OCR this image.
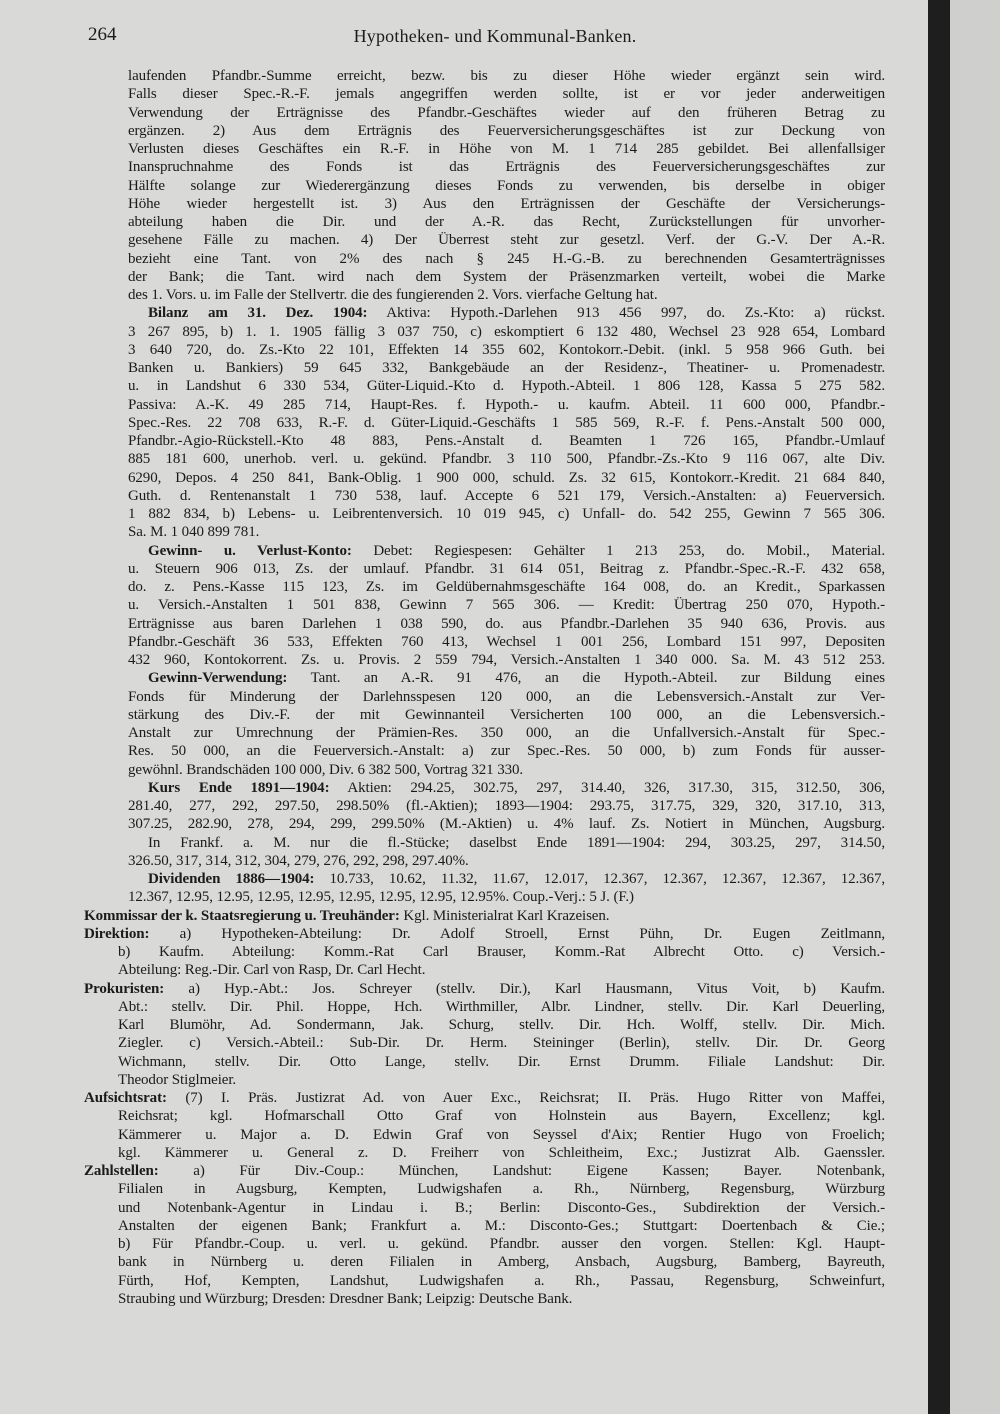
264	Hypotheken- und Kommunal-Banken.
laufenden Pfandbr.-Summe erreicht, bezw. bis zu dieser Höhe wieder ergänzt sein wird.
Falls dieser Spec.-R.-F. jemals angegriffen werden sollte, ist er vor jeder anderweitigen
Verwendung der Erträgnisse des Pfandbr.-Geschäftes wieder auf den früheren Betrag zu
ergänzen. 2) Aus dem Erträgnis des Feuerversicherungsgeschäftes ist zur Deckung von
Verlusten dieses Geschäftes ein R.-F. in Höhe von M. 1 714 285 gebildet. Bei allenfallsiger
Inanspruchnahme des Fonds ist das Erträgnis des Feuerversicherungsgeschäftes zur
Hälfte solange zur Wiederergänzung dieses Fonds zu verwenden, bis derselbe in obiger
Höhe wieder hergestellt ist. 3) Aus den Erträgnissen der Geschäfte der Versicherungs-
abteilung haben die Dir. und der A.-R. das Recht, Zurückstellungen für unvorher-
gesehene Fälle zu machen. 4) Der Überrest steht zur gesetzl. Verf. der G.-V. Der A.-R.
bezieht eine Tant. von 2% des nach § 245 H.-G.-B. zu berechnenden Gesamterträgnisses
der Bank; die Tant. wird nach dem System der Präsenzmarken verteilt, wobei die Marke
des 1. Vors. u. im Falle der Stellvertr. die des fungierenden 2. Vors. vierfache Geltung hat.
Bilanz am 31. Dez. 1904: Aktiva: Hypoth.-Darlehen 913 456 997, do. Zs.-Kto: a) rückst.
3 267 895, b) 1. 1. 1905 fällig 3 037 750, c) eskomptiert 6 132 480, Wechsel 23 928 654, Lombard
3 640 720, do. Zs.-Kto 22 101, Effekten 14 355 602, Kontokorr.-Debit. (inkl. 5 958 966 Guth. bei
Banken u. Bankiers) 59 645 332, Bankgebäude an der Residenz-, Theatiner- u. Promenadestr.
u. in Landshut 6 330 534, Güter-Liquid.-Kto d. Hypoth.-Abteil. 1 806 128, Kassa 5 275 582.
Passiva: A.-K. 49 285 714, Haupt-Res. f. Hypoth.- u. kaufm. Abteil. 11 600 000, Pfandbr.-
Spec.-Res. 22 708 633, R.-F. d. Güter-Liquid.-Geschäfts 1 585 569, R.-F. f. Pens.-Anstalt 500 000,
Pfandbr.-Agio-Rückstell.-Kto 48 883, Pens.-Anstalt d. Beamten 1 726 165, Pfandbr.-Umlauf
885 181 600, unerhob. verl. u. gekünd. Pfandbr. 3 110 500, Pfandbr.-Zs.-Kto 9 116 067, alte Div.
6290, Depos. 4 250 841, Bank-Oblig. 1 900 000, schuld. Zs. 32 615, Kontokorr.-Kredit. 21 684 840,
Guth. d. Rentenanstalt 1 730 538, lauf. Accepte 6 521 179, Versich.-Anstalten: a) Feuerversich.
1 882 834, b) Lebens- u. Leibrentenversich. 10 019 945, c) Unfall- do. 542 255, Gewinn 7 565 306.
Sa. M. 1 040 899 781.
Gewinn- u. Verlust-Konto: Debet: Regiespesen: Gehälter 1 213 253, do. Mobil., Material.
u. Steuern 906 013, Zs. der umlauf. Pfandbr. 31 614 051, Beitrag z. Pfandbr.-Spec.-R.-F. 432 658,
do. z. Pens.-Kasse 115 123, Zs. im Geldübernahmsgeschäfte 164 008, do. an Kredit., Sparkassen
u. Versich.-Anstalten 1 501 838, Gewinn 7 565 306. — Kredit: Übertrag 250 070, Hypoth.-
Erträgnisse aus baren Darlehen 1 038 590, do. aus Pfandbr.-Darlehen 35 940 636, Provis. aus
Pfandbr.-Geschäft 36 533, Effekten 760 413, Wechsel 1 001 256, Lombard 151 997, Depositen
432 960, Kontokorrent. Zs. u. Provis. 2 559 794, Versich.-Anstalten 1 340 000. Sa. M. 43 512 253.
Gewinn-Verwendung: Tant. an A.-R. 91 476, an die Hypoth.-Abteil. zur Bildung eines
Fonds für Minderung der Darlehnsspesen 120 000, an die Lebensversich.-Anstalt zur Ver-
stärkung des Div.-F. der mit Gewinnanteil Versicherten 100 000, an die Lebensversich.-
Anstalt zur Umrechnung der Prämien-Res. 350 000, an die Unfallversich.-Anstalt für Spec.-
Res. 50 000, an die Feuerversich.-Anstalt: a) zur Spec.-Res. 50 000, b) zum Fonds für ausser-
gewöhnl. Brandschäden 100 000, Div. 6 382 500, Vortrag 321 330.
Kurs Ende 1891—1904: Aktien: 294.25, 302.75, 297, 314.40, 326, 317.30, 315, 312.50, 306,
281.40, 277, 292, 297.50, 298.50% (fl.-Aktien); 1893—1904: 293.75, 317.75, 329, 320, 317.10, 313,
307.25, 282.90, 278, 294, 299, 299.50% (M.-Aktien) u. 4% lauf. Zs. Notiert in München, Augsburg.
In Frankf. a. M. nur die fl.-Stücke; daselbst Ende 1891—1904: 294, 303.25, 297, 314.50,
326.50, 317, 314, 312, 304, 279, 276, 292, 298, 297.40%.
Dividenden 1886—1904: 10.733, 10.62, 11.32, 11.67, 12.017, 12.367, 12.367, 12.367, 12.367, 12.367,
12.367, 12.95, 12.95, 12.95, 12.95, 12.95, 12.95, 12.95, 12.95%. Coup.-Verj.: 5 J. (F.)
Kommissar der k. Staatsregierung u. Treuhänder: Kgl. Ministerialrat Karl Krazeisen.
Direktion: a) Hypotheken-Abteilung: Dr. Adolf Stroell, Ernst Pühn, Dr. Eugen Zeitlmann,
b) Kaufm. Abteilung: Komm.-Rat Carl Brauser, Komm.-Rat Albrecht Otto. c) Versich.-
Abteilung: Reg.-Dir. Carl von Rasp, Dr. Carl Hecht.
Prokuristen: a) Hyp.-Abt.: Jos. Schreyer (stellv. Dir.), Karl Hausmann, Vitus Voit, b) Kaufm.
Abt.: stellv. Dir. Phil. Hoppe, Hch. Wirthmiller, Albr. Lindner, stellv. Dir. Karl Deuerling,
Karl Blumöhr, Ad. Sondermann, Jak. Schurg, stellv. Dir. Hch. Wolff, stellv. Dir. Mich.
Ziegler. c) Versich.-Abteil.: Sub-Dir. Dr. Herm. Steininger (Berlin), stellv. Dir. Dr. Georg
Wichmann, stellv. Dir. Otto Lange, stellv. Dir. Ernst Drumm. Filiale Landshut: Dir.
Theodor Stiglmeier.
Aufsichtsrat: (7) I. Präs. Justizrat Ad. von Auer Exc., Reichsrat; II. Präs. Hugo Ritter von Maffei,
Reichsrat; kgl. Hofmarschall Otto Graf von Holnstein aus Bayern, Excellenz; kgl.
Kämmerer u. Major a. D. Edwin Graf von Seyssel d'Aix; Rentier Hugo von Froelich;
kgl. Kämmerer u. General z. D. Freiherr von Schleitheim, Exc.; Justizrat Alb. Gaenssler.
Zahlstellen: a) Für Div.-Coup.: München, Landshut: Eigene Kassen; Bayer. Notenbank,
Filialen in Augsburg, Kempten, Ludwigshafen a. Rh., Nürnberg, Regensburg, Würzburg
und Notenbank-Agentur in Lindau i. B.; Berlin: Disconto-Ges., Subdirektion der Versich.-
Anstalten der eigenen Bank; Frankfurt a. M.: Disconto-Ges.; Stuttgart: Doertenbach & Cie.;
b) Für Pfandbr.-Coup. u. verl. u. gekünd. Pfandbr. ausser den vorgen. Stellen: Kgl. Haupt-
bank in Nürnberg u. deren Filialen in Amberg, Ansbach, Augsburg, Bamberg, Bayreuth,
Fürth, Hof, Kempten, Landshut, Ludwigshafen a. Rh., Passau, Regensburg, Schweinfurt,
Straubing und Würzburg; Dresden: Dresdner Bank; Leipzig: Deutsche Bank.
